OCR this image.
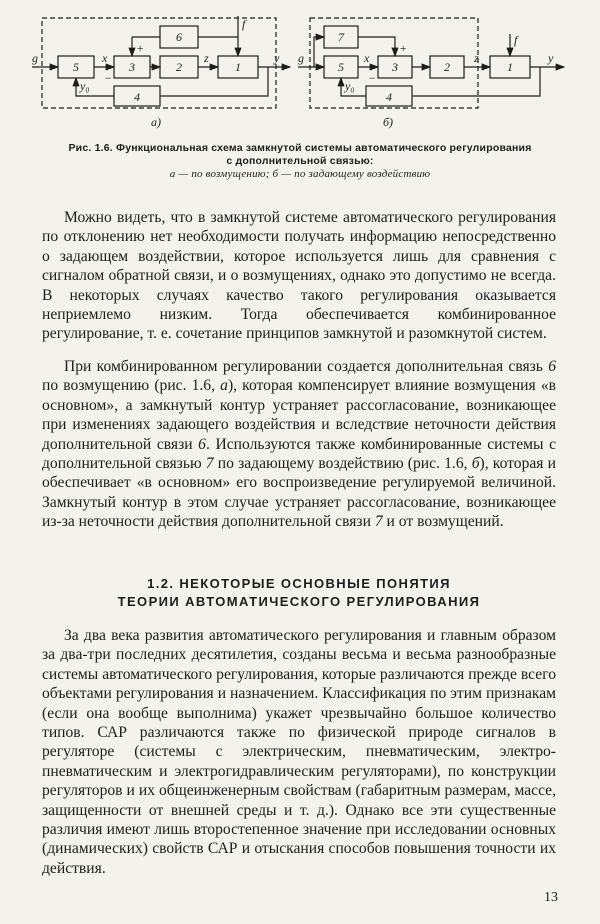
5	3	2	1
6
4
g	x	z	y
f
y₀
+
−
а)
7
5	3	2	1
4
g	x	z	y
f
y₀
+
−
б)
Рис. 1.6. Функциональная схема замкнутой системы автоматического регулирования
с дополнительной связью:
а — по возмущению; б — по задающему воздействию

Можно видеть, что в замкнутой системе автоматического регулирования по отклонению нет необходимости получать информацию непосредственно о задающем воздействии, которое используется лишь для сравнения с сигналом обратной связи, и о возмущениях, однако это допустимо не всегда. В некоторых случаях качество такого регулирования оказывается неприемлемо низким. Тогда обеспечивается комбинированное регулирование, т. е. сочетание принципов замкнутой и разомкнутой систем.

При комбинированном регулировании создается дополнительная связь 6 по возмущению (рис. 1.6, а), которая компенсирует влияние возмущения «в основном», а замкнутый контур устраняет рассогласование, возникающее при изменениях задающего воздействия и вследствие неточности действия дополнительной связи 6. Используются также комбинированные системы с дополнительной связью 7 по задающему воздействию (рис. 1.6, б), которая и обеспечивает «в основном» его воспроизведение регулируемой величиной. Замкнутый контур в этом случае устраняет рассогласование, возникающее из-за неточности действия дополнительной связи 7 и от возмущений.

1.2. НЕКОТОРЫЕ ОСНОВНЫЕ ПОНЯТИЯ
ТЕОРИИ АВТОМАТИЧЕСКОГО РЕГУЛИРОВАНИЯ

За два века развития автоматического регулирования и главным образом за два-три последних десятилетия, созданы весьма и весьма разнообразные системы автоматического регулирования, которые различаются прежде всего объектами регулирования и назначением. Классификация по этим признакам (если она вообще выполнима) укажет чрезвычайно большое количество типов. САР различаются также по физической природе сигналов в регуляторе (системы с электрическим, пневматическим, электропневматическим и электрогидравлическим регуляторами), по конструкции регуляторов и их общеинженерным свойствам (габаритным размерам, массе, защищенности от внешней среды и т. д.). Однако все эти существенные различия имеют лишь второстепенное значение при исследовании основных (динамических) свойств САР и отыскания способов повышения точности их действия.

13
